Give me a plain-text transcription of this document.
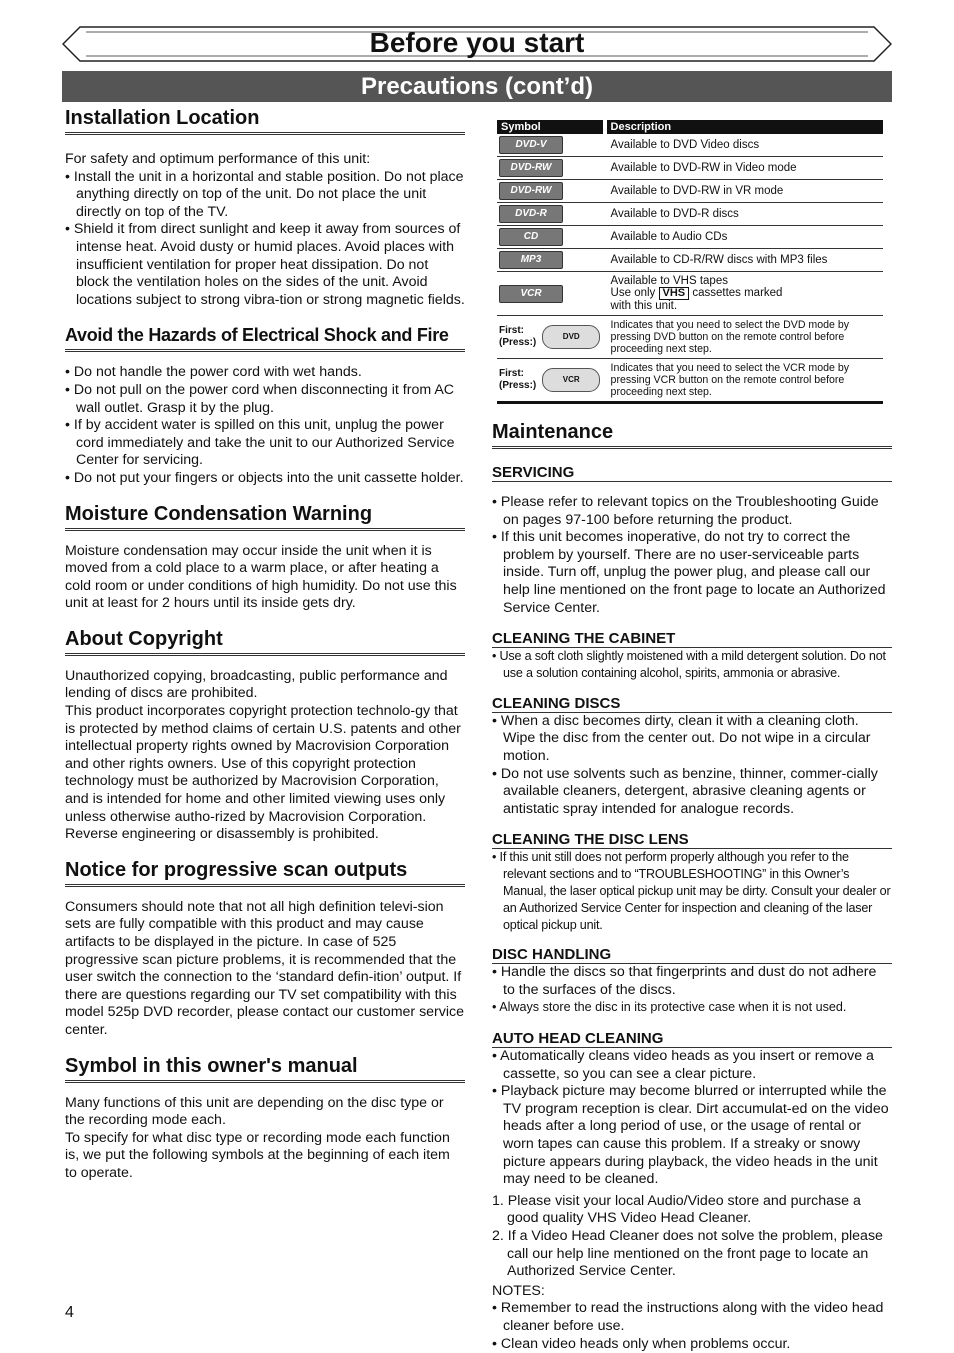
Before you start
Precautions (cont’d)
Installation Location

For safety and optimum performance of this unit:

• Install the unit in a horizontal and stable position. Do not place anything directly on top of the unit. Do not place the unit directly on top of the TV.
• Shield it from direct sunlight and keep it away from sources of intense heat. Avoid dusty or humid places. Avoid places with insufficient ventilation for proper heat dissipation. Do not block the ventilation holes on the sides of the unit. Avoid locations subject to strong vibra-tion or strong magnetic fields.
Avoid the Hazards of Electrical Shock and Fire
• Do not handle the power cord with wet hands.
• Do not pull on the power cord when disconnecting it from AC wall outlet. Grasp it by the plug.
• If by accident water is spilled on this unit, unplug the power cord immediately and take the unit to our Authorized Service Center for servicing.
• Do not put your fingers or objects into the unit cassette holder.
Moisture Condensation Warning

Moisture condensation may occur inside the unit when it is moved from a cold place to a warm place, or after heating a cold room or under conditions of high humidity. Do not use this unit at least for 2 hours until its inside gets dry.

About Copyright

Unauthorized copying, broadcasting, public performance and lending of discs are prohibited.

This product incorporates copyright protection technolo-gy that is protected by method claims of certain U.S. patents and other intellectual property rights owned by Macrovision Corporation and other rights owners. Use of this copyright protection technology must be authorized by Macrovision Corporation, and is intended for home and other limited viewing uses only unless otherwise autho-rized by Macrovision Corporation. Reverse engineering or disassembly is prohibited.

Notice for progressive scan outputs

Consumers should note that not all high definition televi-sion sets are fully compatible with this product and may cause artifacts to be displayed in the picture. In case of 525 progressive scan picture problems, it is recommended that the user switch the connection to the ‘standard defin-ition’ output. If there are questions regarding our TV set compatibility with this model 525p DVD recorder, please contact our customer service center.

Symbol in this owner's manual

Many functions of this unit are depending on the disc type or the recording mode each.

To specify for what disc type or recording mode each function is, we put the following symbols at the beginning of each item to operate.

Symbol		Description
DVD-V		Available to DVD Video discs
DVD-RW		Available to DVD-RW in Video mode
DVD-RW		Available to DVD-RW in VR mode
DVD-R		Available to DVD-R discs
CD		Available to Audio CDs
MP3		Available to CD-R/RW discs with MP3 files
VCR		Available to VHS tapes
Use only VHS cassettes marked
with this unit.

First:
(Press:)
DVD		Indicates that you need to select the DVD mode by pressing DVD button on the remote control before proceeding next step.

First:
(Press:)
VCR		Indicates that you need to select the VCR mode by pressing VCR button on the remote control before proceeding next step.
Maintenance
SERVICING
• Please refer to relevant topics on the Troubleshooting Guide on pages 97-100 before returning the product.
• If this unit becomes inoperative, do not try to correct the problem by yourself. There are no user-serviceable parts inside. Turn off, unplug the power plug, and please call our help line mentioned on the front page to locate an Authorized Service Center.
CLEANING THE CABINET
• Use a soft cloth slightly moistened with a mild detergent solution. Do not use a solution containing alcohol, spirits, ammonia or abrasive.
CLEANING DISCS
• When a disc becomes dirty, clean it with a cleaning cloth. Wipe the disc from the center out. Do not wipe in a circular motion.
• Do not use solvents such as benzine, thinner, commer-cially available cleaners, detergent, abrasive cleaning agents or antistatic spray intended for analogue records.
CLEANING THE DISC LENS
• If this unit still does not perform properly although you refer to the relevant sections and to “TROUBLESHOOTING” in this Owner’s Manual, the laser optical pickup unit may be dirty. Consult your dealer or an Authorized Service Center for inspection and cleaning of the laser optical pickup unit.
DISC HANDLING
• Handle the discs so that fingerprints and dust do not adhere to the surfaces of the discs.
• Always store the disc in its protective case when it is not used.
AUTO HEAD CLEANING
• Automatically cleans video heads as you insert or remove a cassette, so you can see a clear picture.
• Playback picture may become blurred or interrupted while the TV program reception is clear. Dirt accumulat-ed on the video heads after a long period of use, or the usage of rental or worn tapes can cause this problem. If a streaky or snowy picture appears during playback, the video heads in the unit may need to be cleaned.
1. Please visit your local Audio/Video store and purchase a good quality VHS Video Head Cleaner.
2. If a Video Head Cleaner does not solve the problem, please call our help line mentioned on the front page to locate an Authorized Service Center.

NOTES:

• Remember to read the instructions along with the video head cleaner before use.
• Clean video heads only when problems occur.
4
